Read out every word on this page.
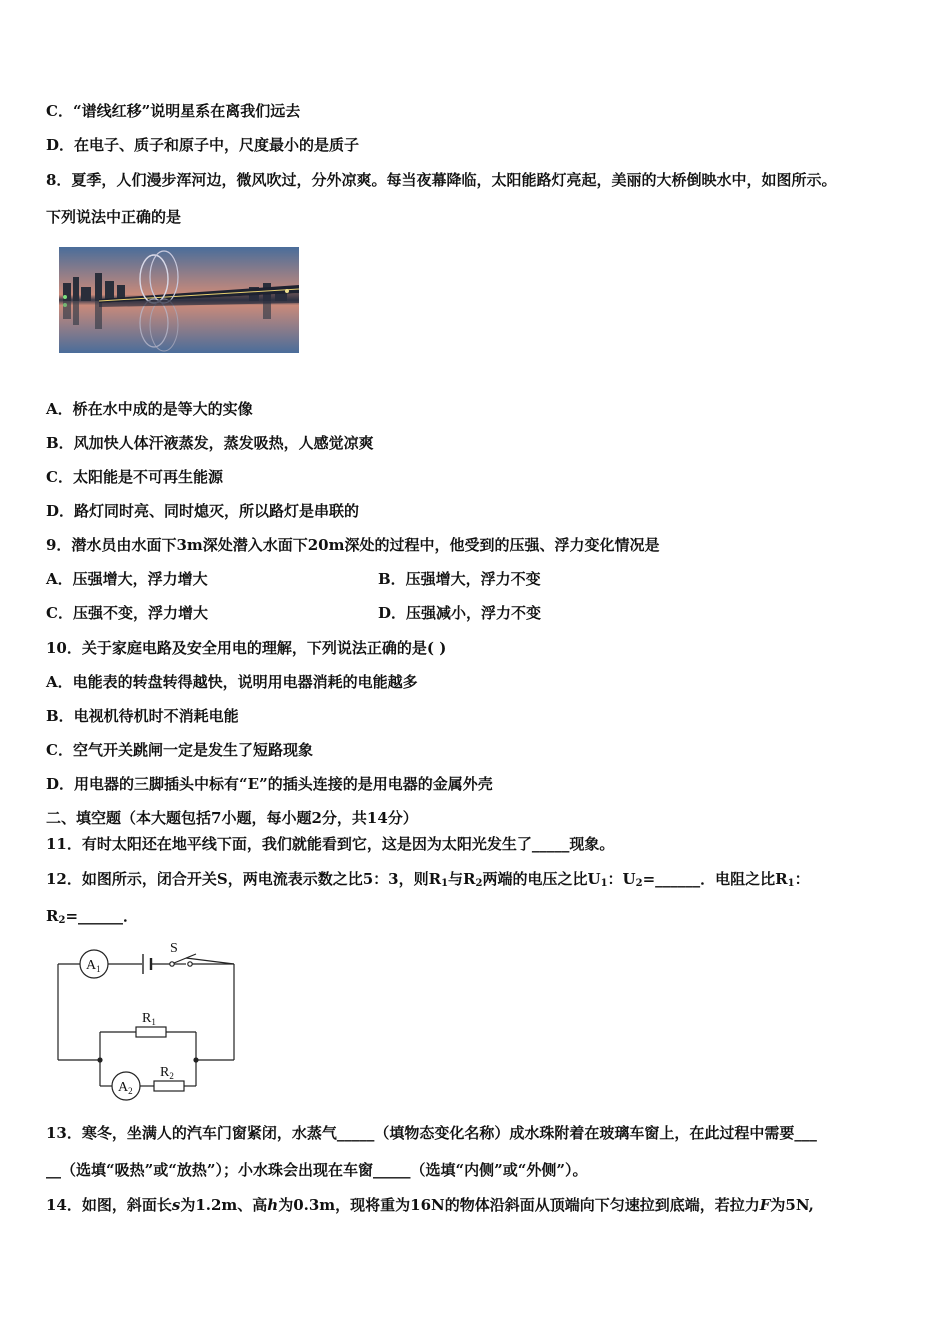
C．“谱线红移”说明星系在离我们远去
D．在电子、质子和原子中，尺度最小的是质子
8．夏季，人们漫步浑河边，微风吹过，分外凉爽。每当夜幕降临，太阳能路灯亮起，美丽的大桥倒映水中，如图所示。
下列说法中正确的是
A．桥在水中成的是等大的实像
B．风加快人体汗液蒸发，蒸发吸热，人感觉凉爽
C．太阳能是不可再生能源
D．路灯同时亮、同时熄灭，所以路灯是串联的
9．潜水员由水面下3m深处潜入水面下20m深处的过程中，他受到的压强、浮力变化情况是
A．压强增大，浮力增大	B．压强增大，浮力不变
C．压强不变，浮力增大	D．压强减小，浮力不变
10．关于家庭电路及安全用电的理解，下列说法正确的是( )
A．电能表的转盘转得越快，说明用电器消耗的电能越多
B．电视机待机时不消耗电能
C．空气开关跳闸一定是发生了短路现象
D．用电器的三脚插头中标有“E”的插头连接的是用电器的金属外壳
二、填空题（本大题包括7小题，每小题2分，共14分）
11．有时太阳还在地平线下面，我们就能看到它，这是因为太阳光发生了_____现象。
12．如图所示，闭合开关S，两电流表示数之比5：3，则$R_1$与$R_2$两端的电压之比$U_1$：$U_2=\_\_\_\_\_\_$．电阻之比$R_1$：
$R_2=\_\_\_\_\_\_$．
$A_1$
$A_2$
$R_1$
$R_2$
S
13．寒冬，坐满人的汽车门窗紧闭，水蒸气_____（填物态变化名称）成水珠附着在玻璃车窗上，在此过程中需要___
__（选填“吸热”或“放热”）；小水珠会出现在车窗_____（选填“内侧”或“外侧”）。
14．如图，斜面长s为1.2m、高h为0.3m，现将重为16N的物体沿斜面从顶端向下匀速拉到底端，若拉力F为5N,
